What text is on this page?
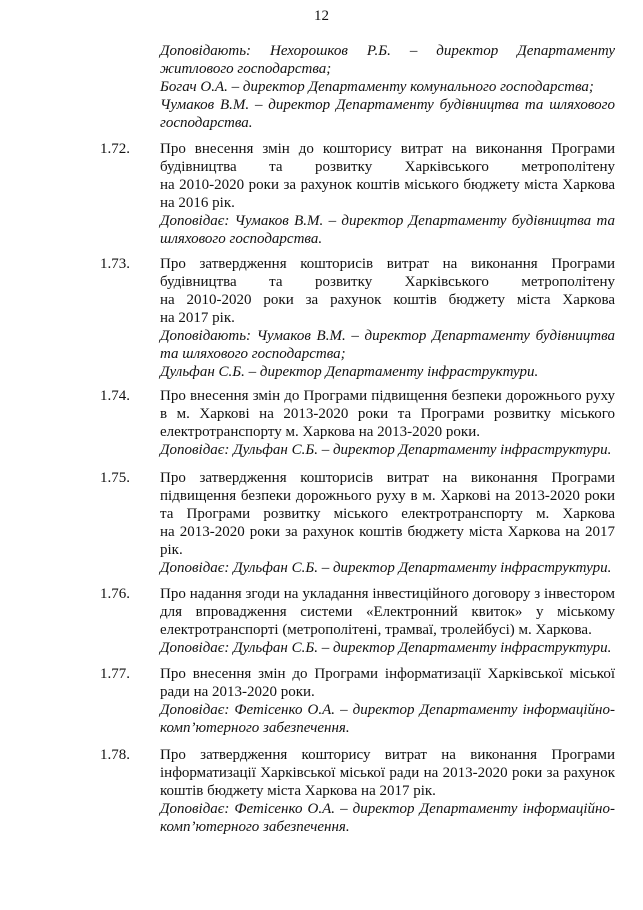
12
Доповідають: Нехорошков Р.Б. – директор Департаменту
житлового господарства;
Богач О.А. – директор Департаменту комунального господарства;
Чумаков В.М. – директор Департаменту будівництва та шляхового
господарства.
1.72.	Про внесення змін до кошторису витрат на виконання Програми
будівництва та розвитку Харківського метрополітену
на 2010-2020 роки за рахунок коштів міського бюджету міста Харкова
на 2016 рік.
Доповідає: Чумаков В.М. – директор Департаменту будівництва та
шляхового господарства.
1.73.	Про затвердження кошторисів витрат на виконання Програми
будівництва та розвитку Харківського метрополітену
на 2010-2020 роки за рахунок коштів бюджету міста Харкова
на 2017 рік.
Доповідають: Чумаков В.М. – директор Департаменту будівництва
та шляхового господарства;
Дульфан С.Б. – директор Департаменту інфраструктури.
1.74.	Про внесення змін до Програми підвищення безпеки дорожнього руху
в м. Харкові на 2013-2020 роки та Програми розвитку міського
електротранспорту м. Харкова на 2013-2020 роки.
Доповідає: Дульфан С.Б. – директор Департаменту інфраструктури.
1.75.	Про затвердження кошторисів витрат на виконання Програми
підвищення безпеки дорожнього руху в м. Харкові на 2013-2020 роки
та Програми розвитку міського електротранспорту м. Харкова
на 2013-2020 роки за рахунок коштів бюджету міста Харкова на 2017
рік.
Доповідає: Дульфан С.Б. – директор Департаменту інфраструктури.
1.76.	Про надання згоди на укладання інвестиційного договору з інвестором
для впровадження системи «Електронний квиток» у міському
електротранспорті (метрополітені, трамваї, тролейбусі) м. Харкова.
Доповідає: Дульфан С.Б. – директор Департаменту інфраструктури.
1.77.	Про внесення змін до Програми інформатизації Харківської міської
ради на 2013-2020 роки.
Доповідає: Фетісенко О.А. – директор Департаменту інформаційно-
комп’ютерного забезпечення.
1.78.	Про затвердження кошторису витрат на виконання Програми
інформатизації Харківської міської ради на 2013-2020 роки за рахунок
коштів бюджету міста Харкова на 2017 рік.
Доповідає: Фетісенко О.А. – директор Департаменту інформаційно-
комп’ютерного забезпечення.
